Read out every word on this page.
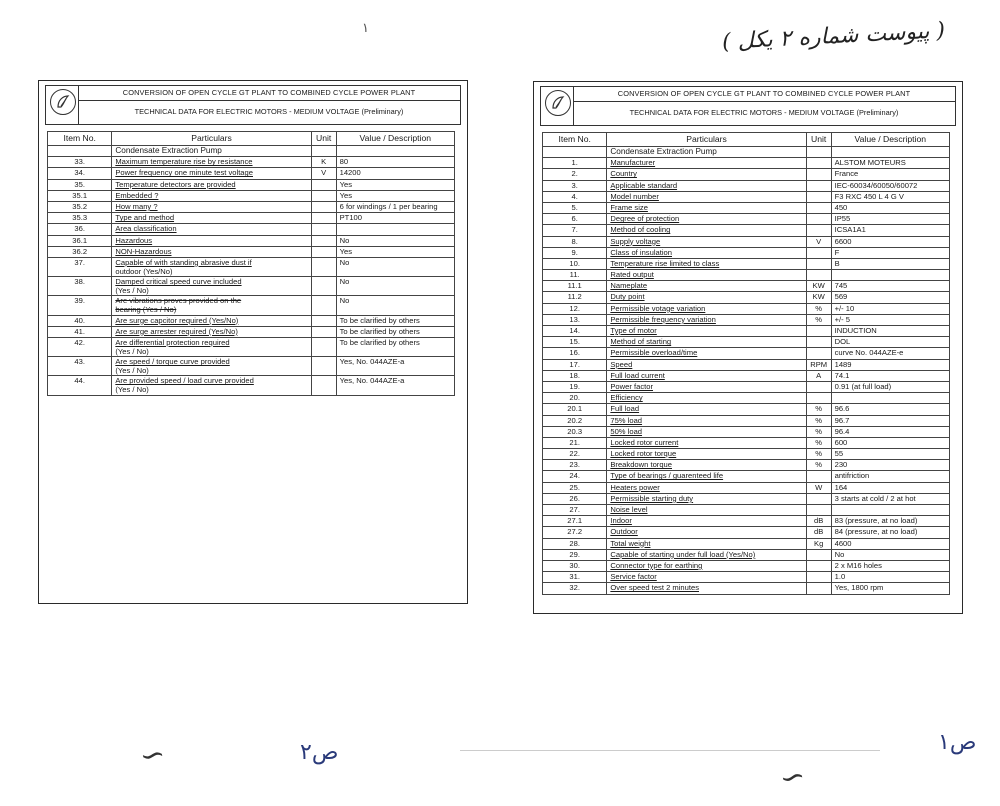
۱
( پیوست شماره ۲ یکل )
CONVERSION OF OPEN CYCLE GT PLANT TO COMBINED CYCLE POWER PLANT
TECHNICAL DATA FOR ELECTRIC MOTORS - MEDIUM VOLTAGE (Preliminary)
Item No.	Particulars	Unit	Value / Description
	Condensate Extraction Pump		
33.	Maximum temperature rise by resistance	K	80
34.	Power frequency one minute test voltage	V	14200
35.	Temperature detectors are provided		Yes
35.1	Embedded ?		Yes
35.2	How many ?		6 for windings / 1 per bearing
35.3	Type and method		PT100
36.	Area classification		
36.1	Hazardous		No
36.2	NON-Hazardous		Yes
37.	Capable of with standing abrasive dust if
outdoor (Yes/No)		No
38.	Damped critical speed curve included
(Yes / No)		No
39.	Are vibrations proves provided on the
bearing (Yes / No)		No
40.	Are surge capcitor required (Yes/No)		To be clarified by others
41.	Are surge arrester required (Yes/No)		To be clarified by others
42.	Are differential protection required
(Yes / No)		To be clarified by others
43.	Are speed / torque curve provided
(Yes / No)		Yes, No. 044AZE-a
44.	Are provided speed / load curve provided
(Yes / No)		Yes, No. 044AZE-a
CONVERSION OF OPEN CYCLE GT PLANT TO COMBINED CYCLE POWER PLANT
TECHNICAL DATA FOR ELECTRIC MOTORS - MEDIUM VOLTAGE (Preliminary)
Item No.	Particulars	Unit	Value / Description
	Condensate Extraction Pump		
1.	Manufacturer		ALSTOM MOTEURS
2.	Country		France
3.	Applicable standard		IEC-60034/60050/60072
4.	Model number		F3 RXC 450 L 4 G V
5.	Frame size		450
6.	Degree of protection		IP55
7.	Method of cooling		ICSA1A1
8.	Supply voltage	V	6600
9.	Class of insulation		F
10.	Temperature rise limited to class		B
11.	Rated output		
11.1	Nameplate	KW	745
11.2	Duty point	KW	569
12.	Permissible votage variation	%	+/- 10
13.	Permissible frequency variation	%	+/- 5
14.	Type of motor		INDUCTION
15.	Method of starting		DOL
16.	Permissible overload/time		curve No. 044AZE-e
17.	Speed	RPM	1489
18.	Full load current	A	74.1
19.	Power factor		0.91 (at full load)
20.	Efficiency		
20.1	Full load	%	96.6
20.2	75% load	%	96.7
20.3	50% load	%	96.4
21.	Locked rotor current	%	600
22.	Locked rotor torque	%	55
23.	Breakdown torque	%	230
24.	Type of bearings / guarenteed life		antifriction
25.	Heaters power	W	164
26.	Permissible starting duty		3 starts at cold / 2 at hot
27.	Noise level		
27.1	Indoor	dB	83 (pressure, at no load)
27.2	Outdoor	dB	84 (pressure, at no load)
28.	Total weight	Kg	4600
29.	Capable of starting under full load (Yes/No)		No
30.	Connector type for earthing		2 x M16 holes
31.	Service factor		1.0
32.	Over speed test 2 minutes		Yes, 1800 rpm
∽	ص۲
∽
ص۱
